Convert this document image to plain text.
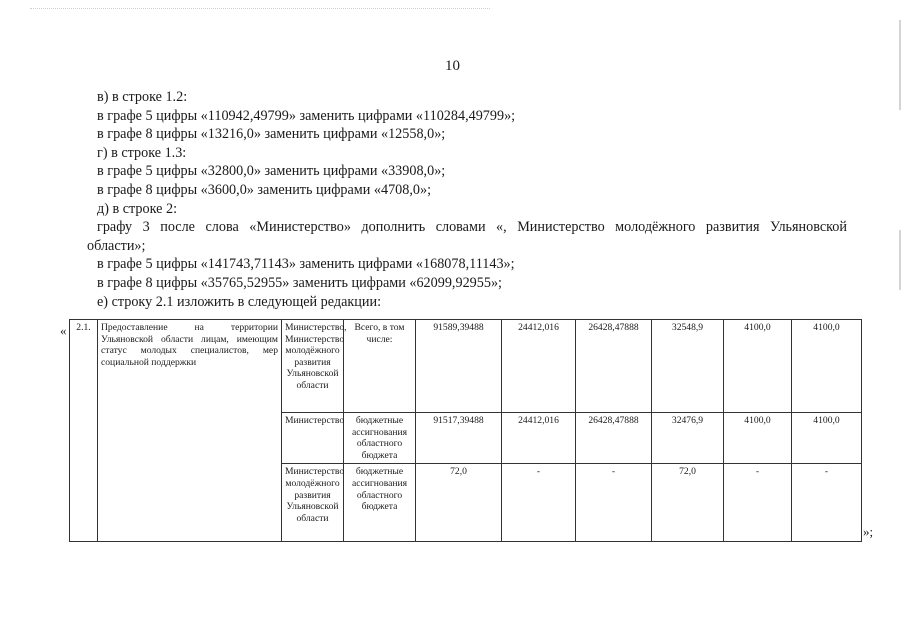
10

в) в строке 1.2:

в графе 5 цифры «110942,49799» заменить цифрами «110284,49799»;

в графе 8 цифры «13216,0» заменить цифрами «12558,0»;

г) в строке 1.3:

в графе 5 цифры «32800,0» заменить цифрами «33908,0»;

в графе 8 цифры «3600,0» заменить цифрами «4708,0»;

д) в строке 2:

графу 3 после слова «Министерство» дополнить словами «, Министерство молодёжного развития Ульяновской

области»;

в графе 5 цифры «141743,71143» заменить цифрами «168078,11143»;

в графе 8 цифры «35765,52955» заменить цифрами «62099,92955»;

е) строку 2.1 изложить в следующей редакции:

« 2.1.	Предоставление на территории Ульяновской области лицам, имеющим статус молодых специалистов, мер социальной поддержки	Министерство, Министерство молодёжного развития Ульяновской области	Всего, в том числе:	91589,39488	24412,016	26428,47888	32548,9	4100,0	4100,0
		Министерство	бюджетные ассигнования областного бюджета	91517,39488	24412,016	26428,47888	32476,9	4100,0	4100,0
		Министерство молодёжного развития Ульяновской области	бюджетные ассигнования областного бюджета	72,0	-	-	72,0	-	-
»;
